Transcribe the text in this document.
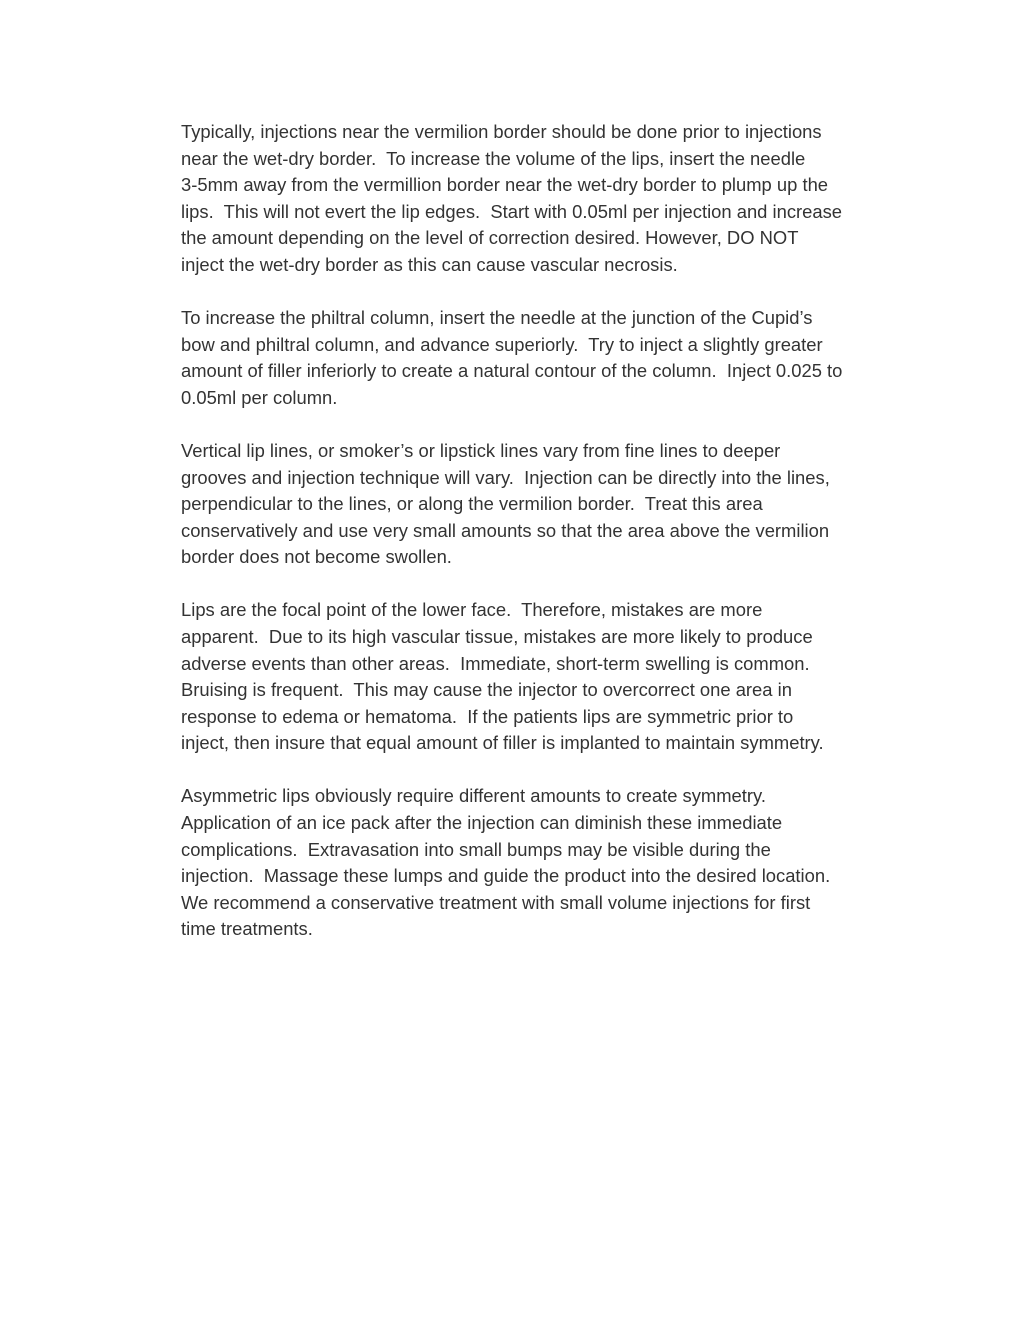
Typically, injections near the vermilion border should be done prior to injections
near the wet-dry border.  To increase the volume of the lips, insert the needle
3-5mm away from the vermillion border near the wet-dry border to plump up the
lips.  This will not evert the lip edges.  Start with 0.05ml per injection and increase
the amount depending on the level of correction desired. However, DO NOT
inject the wet-dry border as this can cause vascular necrosis.

To increase the philtral column, insert the needle at the junction of the Cupid’s
bow and philtral column, and advance superiorly.  Try to inject a slightly greater
amount of filler inferiorly to create a natural contour of the column.  Inject 0.025 to
0.05ml per column.

Vertical lip lines, or smoker’s or lipstick lines vary from fine lines to deeper
grooves and injection technique will vary.  Injection can be directly into the lines,
perpendicular to the lines, or along the vermilion border.  Treat this area
conservatively and use very small amounts so that the area above the vermilion
border does not become swollen.

Lips are the focal point of the lower face.  Therefore, mistakes are more
apparent.  Due to its high vascular tissue, mistakes are more likely to produce
adverse events than other areas.  Immediate, short-term swelling is common.
Bruising is frequent.  This may cause the injector to overcorrect one area in
response to edema or hematoma.  If the patients lips are symmetric prior to
inject, then insure that equal amount of filler is implanted to maintain symmetry.

Asymmetric lips obviously require different amounts to create symmetry.
Application of an ice pack after the injection can diminish these immediate
complications.  Extravasation into small bumps may be visible during the
injection.  Massage these lumps and guide the product into the desired location.
We recommend a conservative treatment with small volume injections for first
time treatments.
